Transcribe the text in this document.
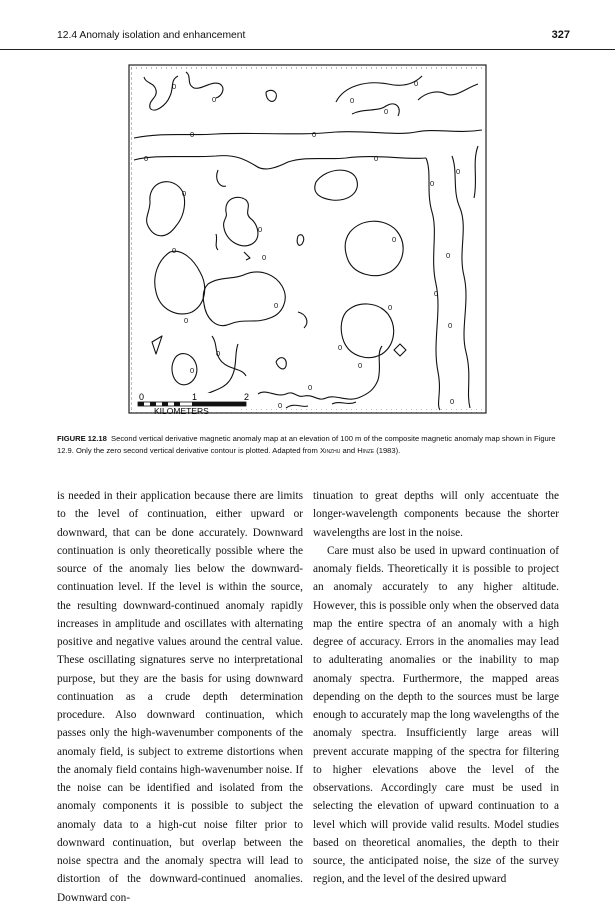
12.4 Anomaly isolation and enhancement	327
0
0
0
0
0
0	0
0	0
0
0
0
0
0
0
0
0
0
0
0
0
0
0
0
0
0
0
0	0
0	1	2
KILOMETERS
FIGURE 12.18 Second vertical derivative magnetic anomaly map at an elevation of 100 m of the composite magnetic anomaly map shown in Figure 12.9. Only the zero second vertical derivative contour is plotted. Adapted from Xinzhu and Hinze (1983).

is needed in their application because there are limits to the level of continuation, either upward or downward, that can be done accurately. Downward continuation is only theoretically possible where the source of the anomaly lies below the downward-continuation level. If the level is within the source, the resulting downward-continued anomaly rapidly increases in amplitude and oscillates with alternating positive and negative values around the central value. These oscillating signatures serve no interpretational purpose, but they are the basis for using downward continuation as a crude depth determination procedure. Also downward continuation, which passes only the high-wavenumber components of the anomaly field, is subject to extreme distortions when the anomaly field contains high-wavenumber noise. If the noise can be identified and isolated from the anomaly components it is possible to subject the anomaly data to a high-cut noise filter prior to downward continuation, but overlap between the noise spectra and the anomaly spectra will lead to distortion of the downward-continued anomalies. Downward con-

tinuation to great depths will only accentuate the longer-wavelength components because the shorter wavelengths are lost in the noise.

Care must also be used in upward continuation of anomaly fields. Theoretically it is possible to project an anomaly accurately to any higher altitude. However, this is possible only when the observed data map the entire spectra of an anomaly with a high degree of accuracy. Errors in the anomalies may lead to adulterating anomalies or the inability to map anomaly spectra. Furthermore, the mapped areas depending on the depth to the sources must be large enough to accurately map the long wavelengths of the anomaly spectra. Insufficiently large areas will prevent accurate mapping of the spectra for filtering to higher elevations above the level of the observations. Accordingly care must be used in selecting the elevation of upward continuation to a level which will provide valid results. Model studies based on theoretical anomalies, the depth to their source, the anticipated noise, the size of the survey region, and the level of the desired upward
